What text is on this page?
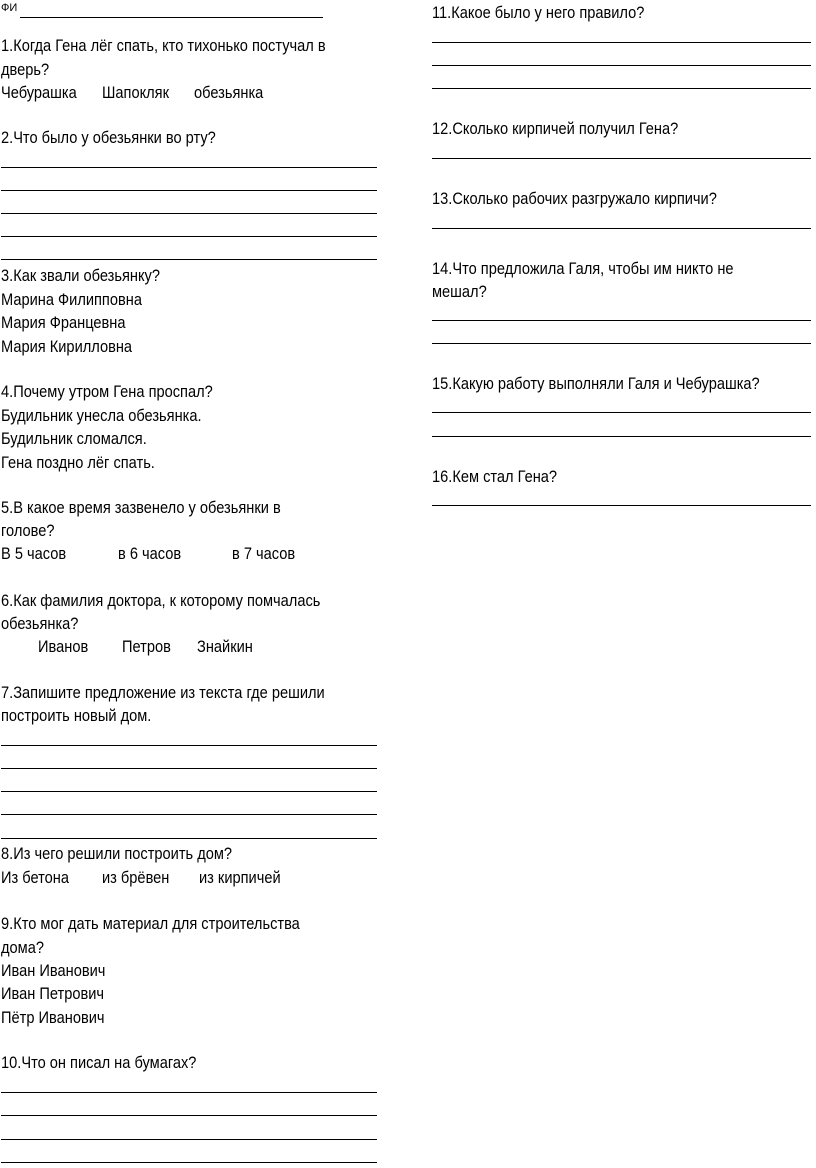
ФИ
1.Когда Гена лёг спать, кто тихонько постучал в
дверь?
Чебурашка Шапокляк обезьянка
2.Что было у обезьянки во рту?
3.Как звали обезьянку?
Марина Филипповна
Мария Францевна
Мария Кирилловна
4.Почему утром Гена проспал?
Будильник унесла обезьянка.
Будильник сломался.
Гена поздно лёг спать.
5.В какое время зазвенело у обезьянки в
голове?
В 5 часов	в 6 часов	в 7 часов
6.Как фамилия доктора, к которому помчалась
обезьянка?
Иванов Петров Знайкин
7.Запишите предложение из текста где решили
построить новый дом.
8.Из чего решили построить дом?
Из бетона из брёвен из кирпичей
9.Кто мог дать материал для строительства
дома?
Иван Иванович
Иван Петрович
Пётр Иванович
10.Что он писал на бумагах?
11.Какое было у него правило?
12.Сколько кирпичей получил Гена?
13.Сколько рабочих разгружало кирпичи?
14.Что предложила Галя, чтобы им никто не
мешал?
15.Какую работу выполняли Галя и Чебурашка?
16.Кем стал Гена?
